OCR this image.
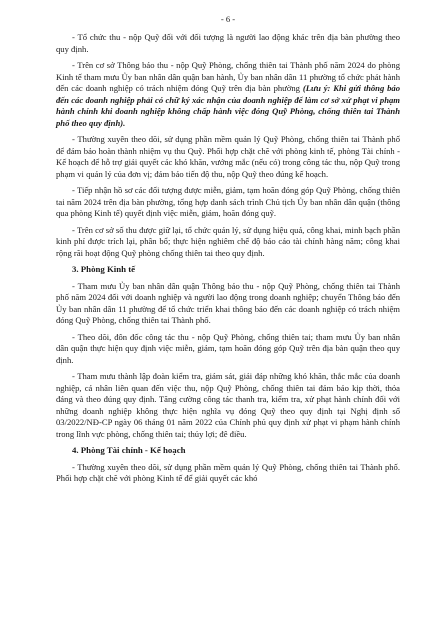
- 6 -

- Tổ chức thu - nộp Quỹ đối với đối tượng là người lao động khác trên địa bàn phường theo quy định.

- Trên cơ sở Thông báo thu - nộp Quỹ Phòng, chống thiên tai Thành phố năm 2024 do phòng Kinh tế tham mưu Ủy ban nhân dân quận ban hành, Ủy ban nhân dân 11 phường tổ chức phát hành đến các doanh nghiệp có trách nhiệm đóng Quỹ trên địa bàn phường (Lưu ý: Khi gửi thông báo đến các doanh nghiệp phải có chữ ký xác nhận của doanh nghiệp để làm cơ sở xử phạt vi phạm hành chính khi doanh nghiệp không chấp hành việc đóng Quỹ Phòng, chống thiên tai Thành phố theo quy định).

- Thường xuyên theo dõi, sử dụng phần mềm quản lý Quỹ Phòng, chống thiên tai Thành phố để đảm bảo hoàn thành nhiệm vụ thu Quỹ. Phối hợp chặt chẽ với phòng kinh tế, phòng Tài chính - Kế hoạch để hỗ trợ giải quyết các khó khăn, vướng mắc (nếu có) trong công tác thu, nộp Quỹ trong phạm vi quản lý của đơn vị; đảm bảo tiến độ thu, nộp Quỹ theo đúng kế hoạch.

- Tiếp nhận hồ sơ các đối tượng được miễn, giảm, tạm hoãn đóng góp Quỹ Phòng, chống thiên tai năm 2024 trên địa bàn phường, tổng hợp danh sách trình Chủ tịch Ủy ban nhân dân quận (thông qua phòng Kinh tế) quyết định việc miễn, giảm, hoãn đóng quỹ.

- Trên cơ sở số thu được giữ lại, tổ chức quản lý, sử dụng hiệu quả, công khai, minh bạch phần kinh phí được trích lại, phân bổ; thực hiện nghiêm chế độ báo cáo tài chính hàng năm; công khai rộng rãi hoạt động Quỹ phòng chống thiên tai theo quy định.

3. Phòng Kinh tế

- Tham mưu Ủy ban nhân dân quận Thông báo thu - nộp Quỹ Phòng, chống thiên tai Thành phố năm 2024 đối với doanh nghiệp và người lao động trong doanh nghiệp; chuyển Thông báo đến Ủy ban nhân dân 11 phường để tổ chức triển khai thông báo đến các doanh nghiệp có trách nhiệm đóng Quỹ Phòng, chống thiên tai Thành phố.

- Theo dõi, đôn đốc công tác thu - nộp Quỹ Phòng, chống thiên tai; tham mưu Ủy ban nhân dân quận thực hiện quy định việc miễn, giảm, tạm hoãn đóng góp Quỹ trên địa bàn quận theo quy định.

- Tham mưu thành lập đoàn kiểm tra, giám sát, giải đáp những khó khăn, thắc mắc của doanh nghiệp, cá nhân liên quan đến việc thu, nộp Quỹ Phòng, chống thiên tai đảm bảo kịp thời, thỏa đáng và theo đúng quy định. Tăng cường công tác thanh tra, kiểm tra, xử phạt hành chính đối với những doanh nghiệp không thực hiện nghĩa vụ đóng Quỹ theo quy định tại Nghị định số 03/2022/NĐ-CP ngày 06 tháng 01 năm 2022 của Chính phủ quy định xử phạt vi phạm hành chính trong lĩnh vực phòng, chống thiên tai; thủy lợi; đê điều.

4. Phòng Tài chính - Kế hoạch

- Thường xuyên theo dõi, sử dụng phần mềm quản lý Quỹ Phòng, chống thiên tai Thành phố. Phối hợp chặt chẽ với phòng Kinh tế để giải quyết các khó
